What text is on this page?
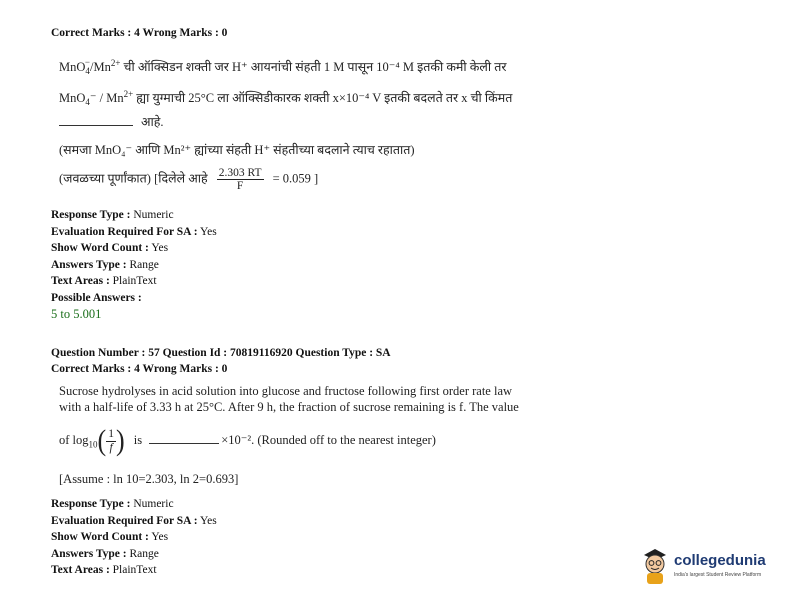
Correct Marks : 4 Wrong Marks : 0
$MnO_4^-/Mn^{2+}$ ची ऑक्सिडन शक्ती जर H⁺ आयनांची संहती 1 M पासून 10⁻⁴ M इतकी कमी केली तर
$MnO_4^- / Mn^{2+}$ ह्या युग्माची 25°C ला ऑक्सिडीकारक शक्ती x×10⁻⁴ V इतकी बदलते तर x ची किंमत
आहे.
(समजा MnO₄⁻ आणि Mn²⁺ ह्यांच्या संहती H⁺ संहतीच्या बदलाने त्याच रहातात)
(जवळच्या पूर्णांकात) [दिलेले आहे $\frac{2.303 RT}{F} = 0.059$ ]
Response Type : Numeric
Evaluation Required For SA : Yes
Show Word Count : Yes
Answers Type : Range
Text Areas : PlainText
Possible Answers :
5 to 5.001
Question Number : 57 Question Id : 70819116920 Question Type : SA
Correct Marks : 4 Wrong Marks : 0
Sucrose hydrolyses in acid solution into glucose and fructose following first order rate law
with a half-life of 3.33 h at 25°C. After 9 h, the fraction of sucrose remaining is f. The value
of $\log_{10}( \frac{1}{f}$ ) is	×10⁻². (Rounded off to the nearest integer)
[Assume : ln 10=2.303, ln 2=0.693]
Response Type : Numeric
Evaluation Required For SA : Yes
Show Word Count : Yes
Answers Type : Range
Text Areas : PlainText
collegedunia
India's largest Student Review Platform
